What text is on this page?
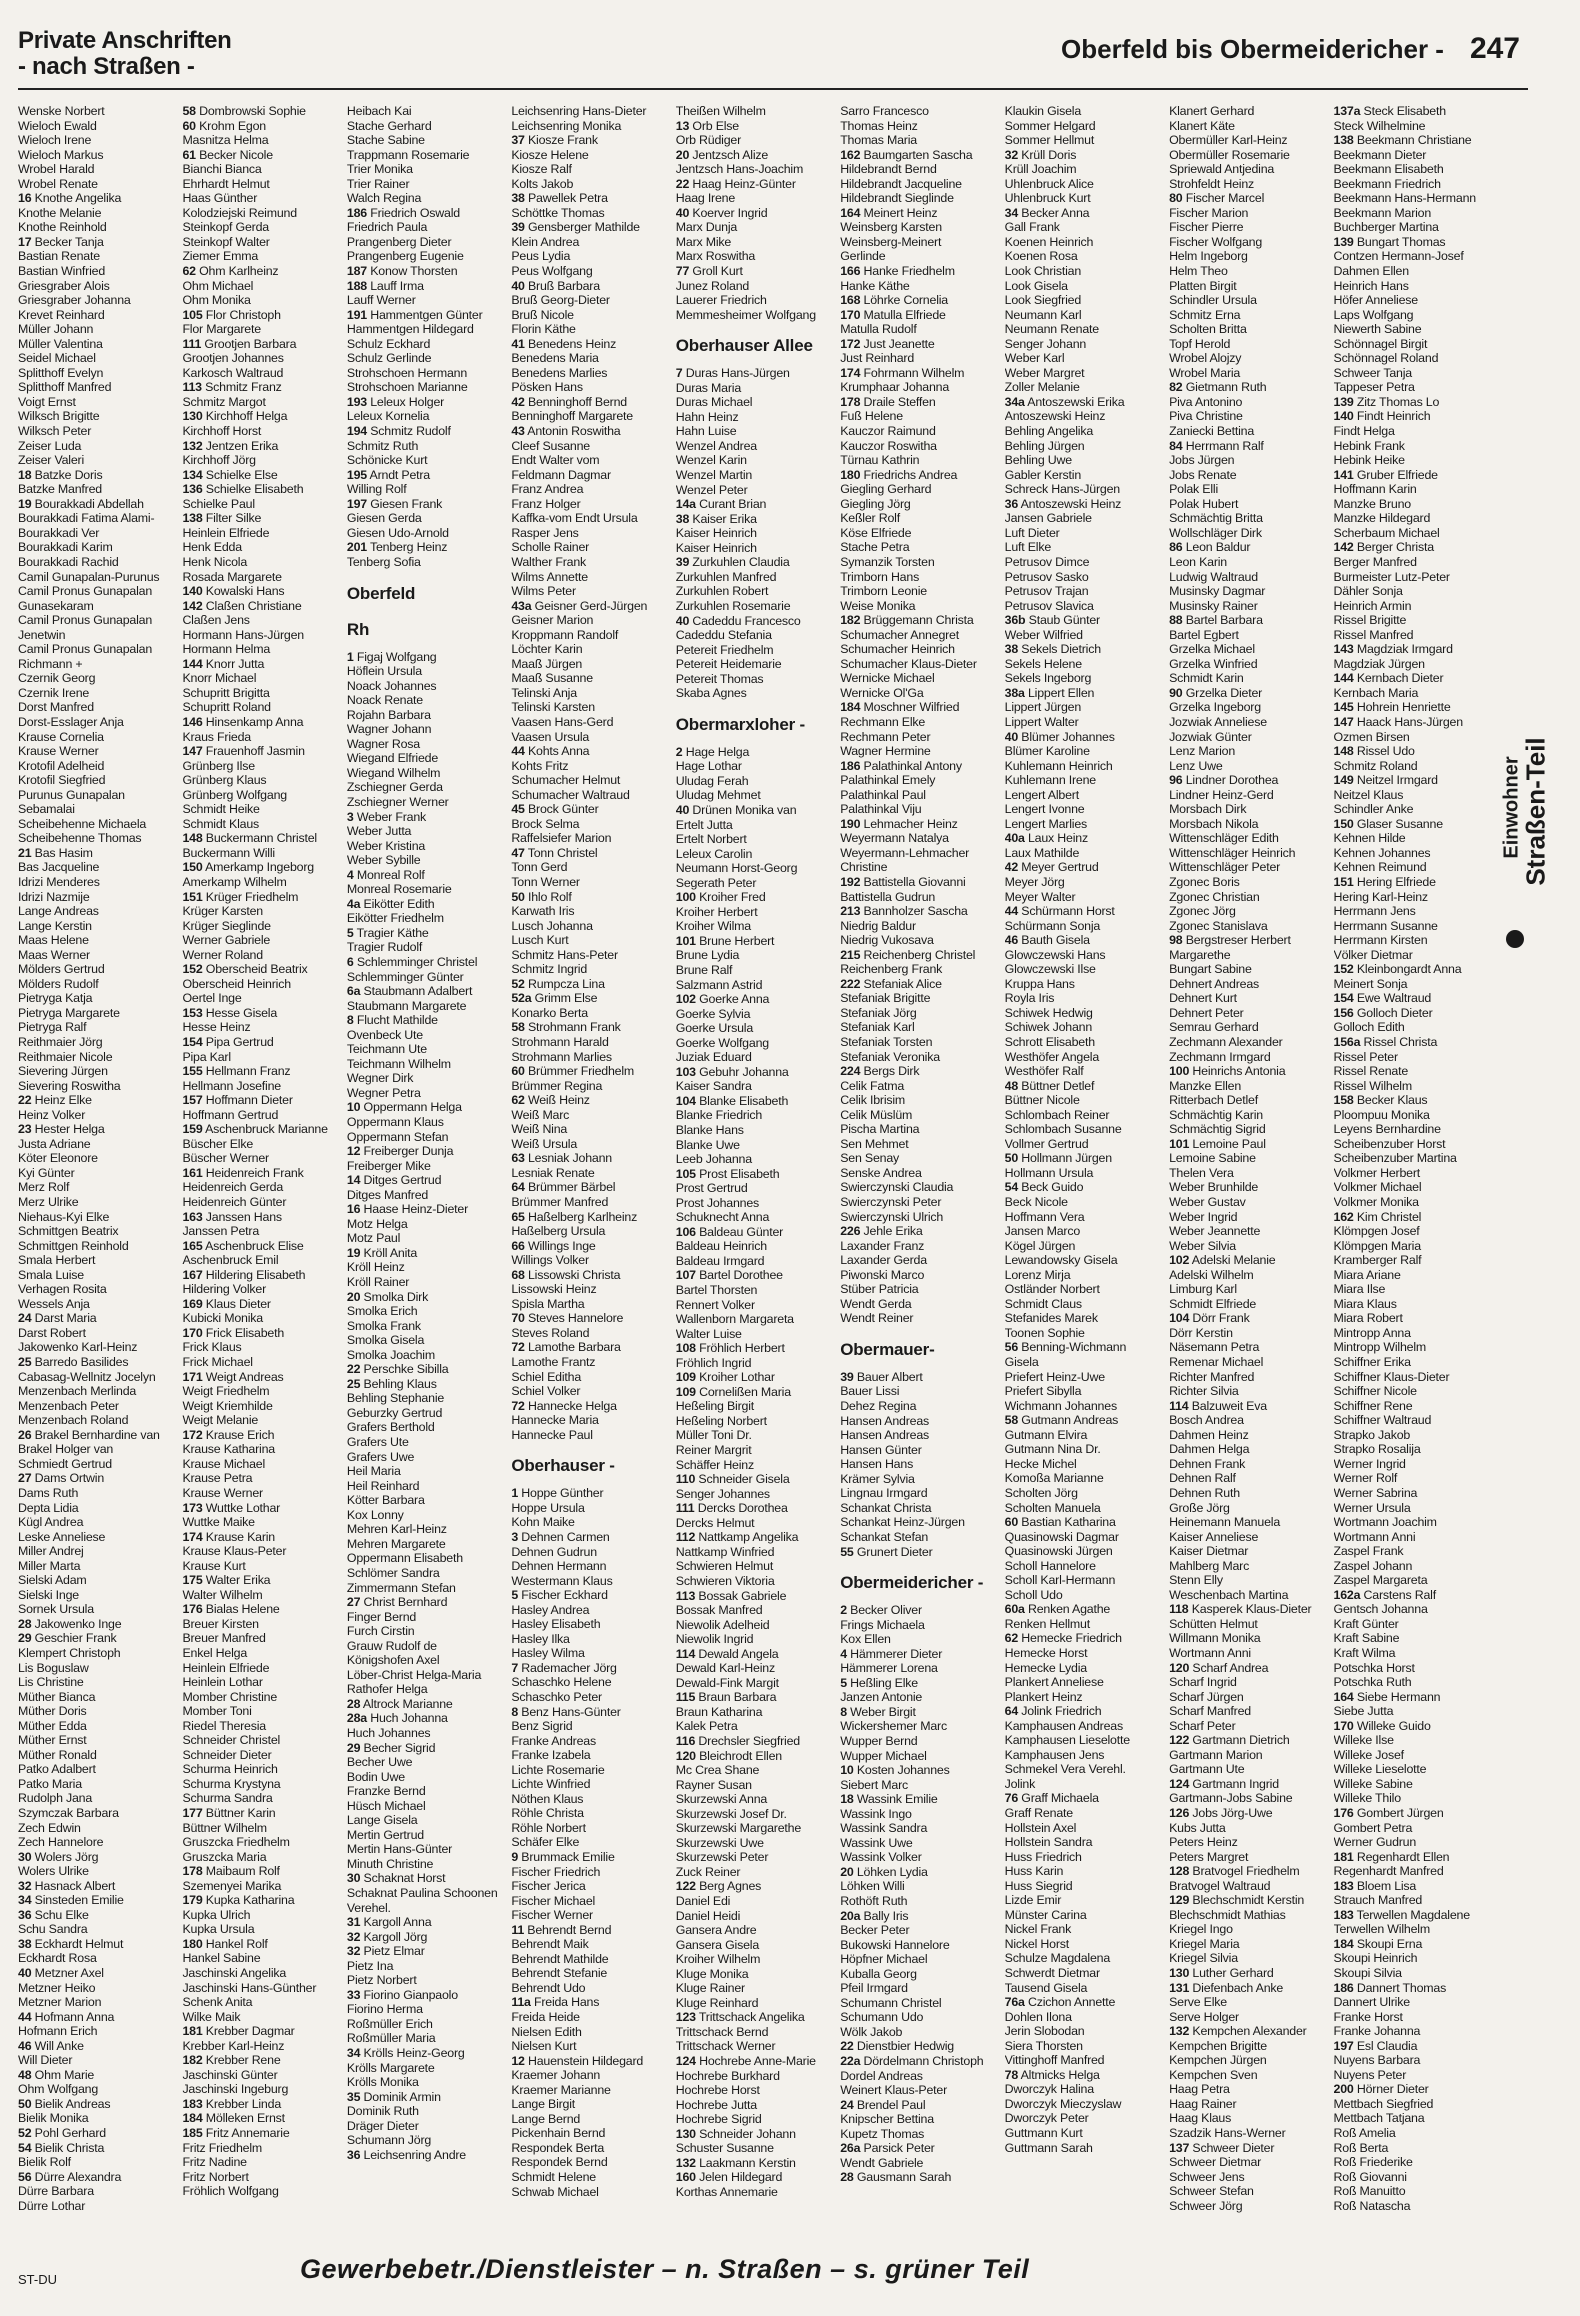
Private Anschriften
- nach Straßen -
Oberfeld bis Obermeidericher - 247
Wenske Norbert
Wieloch Ewald
Wieloch Irene
Wieloch Markus
Wrobel Harald
Wrobel Renate
16 Knothe Angelika
Knothe Melanie
Knothe Reinhold
17 Becker Tanja
Bastian Renate
Bastian Winfried
Griesgraber Alois
Griesgraber Johanna
Krevet Reinhard
Müller Johann
Müller Valentina
Seidel Michael
Splitthoff Evelyn
Splitthoff Manfred
Voigt Ernst
Wilksch Brigitte
Wilksch Peter
Zeiser Luda
Zeiser Valeri
18 Batzke Doris
Batzke Manfred
19 Bourakkadi Abdellah
Bourakkadi Fatima Alami-
Bourakkadi Ver
Bourakkadi Karim
Bourakkadi Rachid
Camil Gunapalan-Purunus
Camil Pronus Gunapalan
Gunasekaram
Camil Pronus Gunapalan
Jenetwin
Camil Pronus Gunapalan
Richmann +
Czernik Georg
Czernik Irene
Dorst Manfred
Dorst-Esslager Anja
Krause Cornelia
Krause Werner
Krotofil Adelheid
Krotofil Siegfried
Purunus Gunapalan
Sebamalai
Scheibehenne Michaela
Scheibehenne Thomas
21 Bas Hasim
Bas Jacqueline
Idrizi Menderes
Idrizi Nazmije
Lange Andreas
Lange Kerstin
Maas Helene
Maas Werner
Mölders Gertrud
Mölders Rudolf
Pietryga Katja
Pietryga Margarete
Pietryga Ralf
Reithmaier Jörg
Reithmaier Nicole
Sievering Jürgen
Sievering Roswitha
22 Heinz Elke
Heinz Volker
23 Hester Helga
Justa Adriane
Köter Eleonore
Kyi Günter
Merz Rolf
Merz Ulrike
Niehaus-Kyi Elke
Schmittgen Beatrix
Schmittgen Reinhold
Smala Herbert
Smala Luise
Verhagen Rosita
Wessels Anja
24 Darst Maria
Darst Robert
Jakowenko Karl-Heinz
25 Barredo Basilides
Cabasag-Wellnitz Jocelyn
Menzenbach Merlinda
Menzenbach Peter
Menzenbach Roland
26 Brakel Bernhardine van
Brakel Holger van
Schmiedt Gertrud
27 Dams Ortwin
Dams Ruth
Depta Lidia
Kügl Andrea
Leske Anneliese
Miller Andrej
Miller Marta
Sielski Adam
Sielski Inge
Sornek Ursula
28 Jakowenko Inge
29 Geschier Frank
Klempert Christoph
Lis Boguslaw
Lis Christine
Müther Bianca
Müther Doris
Müther Edda
Müther Ernst
Müther Ronald
Patko Adalbert
Patko Maria
Rudolph Jana
Szymczak Barbara
Zech Edwin
Zech Hannelore
30 Wolers Jörg
Wolers Ulrike
32 Hasnack Albert
34 Sinsteden Emilie
36 Schu Elke
Schu Sandra
38 Eckhardt Helmut
Eckhardt Rosa
40 Metzner Axel
Metzner Heiko
Metzner Marion
44 Hofmann Anna
Hofmann Erich
46 Will Anke
Will Dieter
48 Ohm Marie
Ohm Wolfgang
50 Bielik Andreas
Bielik Monika
52 Pohl Gerhard
54 Bielik Christa
Bielik Rolf
56 Dürre Alexandra
Dürre Barbara
Dürre Lothar
58 Dombrowski Sophie
60 Krohm Egon
Masnitza Helma
61 Becker Nicole
Bianchi Bianca
Ehrhardt Helmut
Haas Günther
Kolodziejski Reimund
Steinkopf Gerda
Steinkopf Walter
Ziemer Emma
62 Ohm Karlheinz
Ohm Michael
Ohm Monika
105 Flor Christoph
Flor Margarete
111 Grootjen Barbara
Grootjen Johannes
Karkosch Waltraud
113 Schmitz Franz
Schmitz Margot
130 Kirchhoff Helga
Kirchhoff Horst
132 Jentzen Erika
Kirchhoff Jörg
134 Schielke Else
136 Schielke Elisabeth
Schielke Paul
138 Filter Silke
Heinlein Elfriede
Henk Edda
Henk Nicola
Rosada Margarete
140 Kowalski Hans
142 Claßen Christiane
Claßen Jens
Hormann Hans-Jürgen
Hormann Helma
144 Knorr Jutta
Knorr Michael
Schupritt Brigitta
Schupritt Roland
146 Hinsenkamp Anna
Kraus Frieda
147 Frauenhoff Jasmin
Grünberg Ilse
Grünberg Klaus
Grünberg Wolfgang
Schmidt Heike
Schmidt Klaus
148 Buckermann Christel
Buckermann Willi
150 Amerkamp Ingeborg
Amerkamp Wilhelm
151 Krüger Friedhelm
Krüger Karsten
Krüger Sieglinde
Werner Gabriele
Werner Roland
152 Oberscheid Beatrix
Oberscheid Heinrich
Oertel Inge
153 Hesse Gisela
Hesse Heinz
154 Pipa Gertrud
Pipa Karl
155 Hellmann Franz
Hellmann Josefine
157 Hoffmann Dieter
Hoffmann Gertrud
159 Aschenbruck Marianne
Büscher Elke
Büscher Werner
161 Heidenreich Frank
Heidenreich Gerda
Heidenreich Günter
163 Janssen Hans
Janssen Petra
165 Aschenbruck Elise
Aschenbruck Emil
167 Hildering Elisabeth
Hildering Volker
169 Klaus Dieter
Kubicki Monika
170 Frick Elisabeth
Frick Klaus
Frick Michael
171 Weigt Andreas
Weigt Friedhelm
Weigt Kriemhilde
Weigt Melanie
172 Krause Erich
Krause Katharina
Krause Michael
Krause Petra
Krause Werner
173 Wuttke Lothar
Wuttke Maike
174 Krause Karin
Krause Klaus-Peter
Krause Kurt
175 Walter Erika
Walter Wilhelm
176 Bialas Helene
Breuer Kirsten
Breuer Manfred
Enkel Helga
Heinlein Elfriede
Heinlein Lothar
Momber Christine
Momber Toni
Riedel Theresia
Schneider Christel
Schneider Dieter
Schurma Heinrich
Schurma Krystyna
Schurma Sandra
177 Büttner Karin
Büttner Wilhelm
Gruszcka Friedhelm
Gruszcka Maria
178 Maibaum Rolf
Szemenyei Marika
179 Kupka Katharina
Kupka Ulrich
Kupka Ursula
180 Hankel Rolf
Hankel Sabine
Jaschinski Angelika
Jaschinski Hans-Günther
Schenk Anita
Wilke Maik
181 Krebber Dagmar
Krebber Karl-Heinz
182 Krebber Rene
Jaschinski Günter
Jaschinski Ingeburg
183 Krebber Linda
184 Mölleken Ernst
185 Fritz Annemarie
Fritz Friedhelm
Fritz Nadine
Fritz Norbert
Fröhlich Wolfgang
Heibach Kai
Stache Gerhard
Stache Sabine
Trappmann Rosemarie
Trier Monika
Trier Rainer
Walch Regina
186 Friedrich Oswald
Friedrich Paula
Prangenberg Dieter
Prangenberg Eugenie
187 Konow Thorsten
188 Lauff Irma
Lauff Werner
191 Hammentgen Günter
Hammentgen Hildegard
Schulz Eckhard
Schulz Gerlinde
Strohschoen Hermann
Strohschoen Marianne
193 Leleux Holger
Leleux Kornelia
194 Schmitz Rudolf
Schmitz Ruth
Schönicke Kurt
195 Arndt Petra
Willing Rolf
197 Giesen Frank
Giesen Gerda
Giesen Udo-Arnold
201 Tenberg Heinz
Tenberg Sofia
Oberfeld
Rh
1 Figaj Wolfgang
Höflein Ursula
Noack Johannes
Noack Renate
Rojahn Barbara
Wagner Johann
Wagner Rosa
Wiegand Elfriede
Wiegand Wilhelm
Zschiegner Gerda
Zschiegner Werner
3 Weber Frank
Weber Jutta
Weber Kristina
Weber Sybille
4 Monreal Rolf
Monreal Rosemarie
4a Eikötter Edith
Eikötter Friedhelm
5 Tragier Käthe
Tragier Rudolf
6 Schlemminger Christel
Schlemminger Günter
6a Staubmann Adalbert
Staubmann Margarete
8 Flucht Mathilde
Ovenbeck Ute
Teichmann Ute
Teichmann Wilhelm
Wegner Dirk
Wegner Petra
10 Oppermann Helga
Oppermann Klaus
Oppermann Stefan
12 Freiberger Dunja
Freiberger Mike
14 Ditges Gertrud
Ditges Manfred
16 Haase Heinz-Dieter
Motz Helga
Motz Paul
19 Kröll Anita
Kröll Heinz
Kröll Rainer
20 Smolka Dirk
Smolka Erich
Smolka Frank
Smolka Gisela
Smolka Joachim
22 Perschke Sibilla
25 Behling Klaus
Behling Stephanie
Geburzky Gertrud
Grafers Berthold
Grafers Ute
Grafers Uwe
Heil Maria
Heil Reinhard
Kötter Barbara
Kox Lonny
Mehren Karl-Heinz
Mehren Margarete
Oppermann Elisabeth
Schlömer Sandra
Zimmermann Stefan
27 Christ Bernhard
Finger Bernd
Furch Cirstin
Grauw Rudolf de
Königshofen Axel
Löber-Christ Helga-Maria
Rathofer Helga
28 Altrock Marianne
28a Huch Johanna
Huch Johannes
29 Becher Sigrid
Becher Uwe
Bodin Uwe
Franzke Bernd
Hüsch Michael
Lange Gisela
Mertin Gertrud
Mertin Hans-Günter
Minuth Christine
30 Schaknat Horst
Schaknat Paulina Schoonen
Verehel.
31 Kargoll Anna
32 Kargoll Jörg
32 Pietz Elmar
Pietz Ina
Pietz Norbert
33 Fiorino Gianpaolo
Fiorino Herma
Roßmüller Erich
Roßmüller Maria
34 Krölls Heinz-Georg
Krölls Margarete
Krölls Monika
35 Dominik Armin
Dominik Ruth
Dräger Dieter
Schumann Jörg
36 Leichsenring Andre
Leichsenring Hans-Dieter
Leichsenring Monika
37 Kiosze Frank
Kiosze Helene
Kiosze Ralf
Kolts Jakob
38 Pawellek Petra
Schöttke Thomas
39 Gensberger Mathilde
Klein Andrea
Peus Lydia
Peus Wolfgang
40 Bruß Barbara
Bruß Georg-Dieter
Bruß Nicole
Florin Käthe
41 Benedens Heinz
Benedens Maria
Benedens Marlies
Pösken Hans
42 Benninghoff Bernd
Benninghoff Margarete
43 Antonin Roswitha
Cleef Susanne
Endt Walter vom
Feldmann Dagmar
Franz Andrea
Franz Holger
Kaffka-vom Endt Ursula
Rasper Jens
Scholle Rainer
Walther Frank
Wilms Annette
Wilms Peter
43a Geisner Gerd-Jürgen
Geisner Marion
Kroppmann Randolf
Löchter Karin
Maaß Jürgen
Maaß Susanne
Telinski Anja
Telinski Karsten
Vaasen Hans-Gerd
Vaasen Ursula
44 Kohts Anna
Kohts Fritz
Schumacher Helmut
Schumacher Waltraud
45 Brock Günter
Brock Selma
Raffelsiefer Marion
47 Tonn Christel
Tonn Gerd
Tonn Werner
50 Ihlo Rolf
Karwath Iris
Lusch Johanna
Lusch Kurt
Schmitz Hans-Peter
Schmitz Ingrid
52 Rumpcza Lina
52a Grimm Else
Konarko Berta
58 Strohmann Frank
Strohmann Harald
Strohmann Marlies
60 Brümmer Friedhelm
Brümmer Regina
62 Weiß Heinz
Weiß Marc
Weiß Nina
Weiß Ursula
63 Lesniak Johann
Lesniak Renate
64 Brümmer Bärbel
Brümmer Manfred
65 Haßelberg Karlheinz
Haßelberg Ursula
66 Willings Inge
Willings Volker
68 Lissowski Christa
Lissowski Heinz
Spisla Martha
70 Steves Hannelore
Steves Roland
72 Lamothe Barbara
Lamothe Frantz
Schiel Editha
Schiel Volker
72 Hannecke Helga
Hannecke Maria
Hannecke Paul
Oberhauser -
1 Hoppe Günther
Hoppe Ursula
Kohn Maike
3 Dehnen Carmen
Dehnen Gudrun
Dehnen Hermann
Westermann Klaus
5 Fischer Eckhard
Hasley Andrea
Hasley Elisabeth
Hasley Ilka
Hasley Wilma
7 Rademacher Jörg
Schaschko Helene
Schaschko Peter
8 Benz Hans-Günter
Benz Sigrid
Franke Andreas
Franke Izabela
Lichte Rosemarie
Lichte Winfried
Nöthen Klaus
Röhle Christa
Röhle Norbert
Schäfer Elke
9 Brummack Emilie
Fischer Friedrich
Fischer Jerica
Fischer Michael
Fischer Werner
11 Behrendt Bernd
Behrendt Maik
Behrendt Mathilde
Behrendt Stefanie
Behrendt Udo
11a Freida Hans
Freida Heide
Nielsen Edith
Nielsen Kurt
12 Hauenstein Hildegard
Kraemer Johann
Kraemer Marianne
Lange Birgit
Lange Bernd
Pickenhain Bernd
Respondek Berta
Respondek Bernd
Schmidt Helene
Schwab Michael
Theißen Wilhelm
13 Orb Else
Orb Rüdiger
20 Jentzsch Alize
Jentzsch Hans-Joachim
22 Haag Heinz-Günter
Haag Irene
40 Koerver Ingrid
Marx Dunja
Marx Mike
Marx Roswitha
77 Groll Kurt
Junez Roland
Lauerer Friedrich
Memmesheimer Wolfgang
Oberhauser Allee
7 Duras Hans-Jürgen
Duras Maria
Duras Michael
Hahn Heinz
Hahn Luise
Wenzel Andrea
Wenzel Karin
Wenzel Martin
Wenzel Peter
14a Curant Brian
38 Kaiser Erika
Kaiser Heinrich
Kaiser Heinrich
39 Zurkuhlen Claudia
Zurkuhlen Manfred
Zurkuhlen Robert
Zurkuhlen Rosemarie
40 Cadeddu Francesco
Cadeddu Stefania
Petereit Friedhelm
Petereit Heidemarie
Petereit Thomas
Skaba Agnes
Obermarxloher -
2 Hage Helga
Hage Lothar
Uludag Ferah
Uludag Mehmet
40 Drünen Monika van
Ertelt Jutta
Ertelt Norbert
Leleux Carolin
Neumann Horst-Georg
Segerath Peter
100 Kroiher Fred
Kroiher Herbert
Kroiher Wilma
101 Brune Herbert
Brune Lydia
Brune Ralf
Salzmann Astrid
102 Goerke Anna
Goerke Sylvia
Goerke Ursula
Goerke Wolfgang
Juziak Eduard
103 Gebuhr Johanna
Kaiser Sandra
104 Blanke Elisabeth
Blanke Friedrich
Blanke Hans
Blanke Uwe
Leeb Johanna
105 Prost Elisabeth
Prost Gertrud
Prost Johannes
Schuknecht Anna
106 Baldeau Günter
Baldeau Heinrich
Baldeau Irmgard
107 Bartel Dorothee
Bartel Thorsten
Rennert Volker
Wallenborn Margareta
Walter Luise
108 Fröhlich Herbert
Fröhlich Ingrid
109 Kroiher Lothar
109 Cornelißen Maria
Heßeling Birgit
Heßeling Norbert
Müller Toni Dr.
Reiner Margrit
Schäffer Heinz
110 Schneider Gisela
Senger Johannes
111 Dercks Dorothea
Dercks Helmut
112 Nattkamp Angelika
Nattkamp Winfried
Schwieren Helmut
Schwieren Viktoria
113 Bossak Gabriele
Bossak Manfred
Niewolik Adelheid
Niewolik Ingrid
114 Dewald Angela
Dewald Karl-Heinz
Dewald-Fink Margit
115 Braun Barbara
Braun Katharina
Kalek Petra
116 Drechsler Siegfried
120 Bleichrodt Ellen
Mc Crea Shane
Rayner Susan
Skurzewski Anna
Skurzewski Josef Dr.
Skurzewski Margarethe
Skurzewski Uwe
Skurzewski Peter
Zuck Reiner
122 Berg Agnes
Daniel Edi
Daniel Heidi
Gansera Andre
Gansera Gisela
Kroiher Wilhelm
Kluge Monika
Kluge Rainer
Kluge Reinhard
123 Trittschack Angelika
Trittschack Bernd
Trittschack Werner
124 Hochrebe Anne-Marie
Hochrebe Burkhard
Hochrebe Horst
Hochrebe Jutta
Hochrebe Sigrid
130 Schneider Johann
Schuster Susanne
132 Laakmann Kerstin
160 Jelen Hildegard
Korthas Annemarie
Sarro Francesco
Thomas Heinz
Thomas Maria
162 Baumgarten Sascha
Hildebrandt Bernd
Hildebrandt Jacqueline
Hildebrandt Sieglinde
164 Meinert Heinz
Weinsberg Karsten
Weinsberg-Meinert
Gerlinde
166 Hanke Friedhelm
Hanke Käthe
168 Löhrke Cornelia
170 Matulla Elfriede
Matulla Rudolf
172 Just Jeanette
Just Reinhard
174 Fohrmann Wilhelm
Krumphaar Johanna
178 Draile Steffen
Fuß Helene
Kauczor Raimund
Kauczor Roswitha
Türnau Kathrin
180 Friedrichs Andrea
Giegling Gerhard
Giegling Jörg
Keßler Rolf
Köse Elfriede
Stache Petra
Symanzik Torsten
Trimborn Hans
Trimborn Leonie
Weise Monika
182 Brüggemann Christa
Schumacher Annegret
Schumacher Heinrich
Schumacher Klaus-Dieter
Wernicke Michael
Wernicke Ol'Ga
184 Moschner Wilfried
Rechmann Elke
Rechmann Peter
Wagner Hermine
186 Palathinkal Antony
Palathinkal Emely
Palathinkal Paul
Palathinkal Viju
190 Lehmacher Heinz
Weyermann Natalya
Weyermann-Lehmacher
Christine
192 Battistella Giovanni
Battistella Gudrun
213 Bannholzer Sascha
Niedrig Baldur
Niedrig Vukosava
215 Reichenberg Christel
Reichenberg Frank
222 Stefaniak Alice
Stefaniak Brigitte
Stefaniak Jörg
Stefaniak Karl
Stefaniak Torsten
Stefaniak Veronika
224 Bergs Dirk
Celik Fatma
Celik Ibrisim
Celik Müslüm
Pischa Martina
Sen Mehmet
Sen Senay
Senske Andrea
Swierczynski Claudia
Swierczynski Peter
Swierczynski Ulrich
226 Jehle Erika
Laxander Franz
Laxander Gerda
Piwonski Marco
Stüber Patricia
Wendt Gerda
Wendt Reiner
Obermauer-
39 Bauer Albert
Bauer Lissi
Dehez Regina
Hansen Andreas
Hansen Andreas
Hansen Günter
Hansen Hans
Krämer Sylvia
Lingnau Irmgard
Schankat Christa
Schankat Heinz-Jürgen
Schankat Stefan
55 Grunert Dieter
Obermeidericher -
2 Becker Oliver
Frings Michaela
Kox Ellen
4 Hämmerer Dieter
Hämmerer Lorena
5 Heßling Elke
Janzen Antonie
8 Weber Birgit
Wickershemer Marc
Wupper Bernd
Wupper Michael
10 Kosten Johannes
Siebert Marc
18 Wassink Emilie
Wassink Ingo
Wassink Sandra
Wassink Uwe
Wassink Volker
20 Löhken Lydia
Löhken Willi
Rothöft Ruth
20a Bally Iris
Becker Peter
Bukowski Hannelore
Höpfner Michael
Kuballa Georg
Pfeil Irmgard
Schumann Christel
Schumann Udo
Wölk Jakob
22 Dienstbier Hedwig
22a Dördelmann Christoph
Dordel Andreas
Weinert Klaus-Peter
24 Brendel Paul
Knipscher Bettina
Kupetz Thomas
26a Parsick Peter
Wendt Gabriele
28 Gausmann Sarah
Klaukin Gisela
Sommer Helgard
Sommer Hellmut
32 Krüll Doris
Krüll Joachim
Uhlenbruck Alice
Uhlenbruck Kurt
34 Becker Anna
Gall Frank
Koenen Heinrich
Koenen Rosa
Look Christian
Look Gisela
Look Siegfried
Neumann Karl
Neumann Renate
Senger Johann
Weber Karl
Weber Margret
Zoller Melanie
34a Antoszewski Erika
Antoszewski Heinz
Behling Angelika
Behling Jürgen
Behling Uwe
Gabler Kerstin
Schreck Hans-Jürgen
36 Antoszewski Heinz
Jansen Gabriele
Luft Dieter
Luft Elke
Petrusov Dimce
Petrusov Sasko
Petrusov Trajan
Petrusov Slavica
36b Staub Günter
Weber Wilfried
38 Sekels Dietrich
Sekels Helene
Sekels Ingeborg
38a Lippert Ellen
Lippert Jürgen
Lippert Walter
40 Blümer Johannes
Blümer Karoline
Kuhlemann Heinrich
Kuhlemann Irene
Lengert Albert
Lengert Ivonne
Lengert Marlies
40a Laux Heinz
Laux Mathilde
42 Meyer Gertrud
Meyer Jörg
Meyer Walter
44 Schürmann Horst
Schürmann Sonja
46 Bauth Gisela
Glowczewski Hans
Glowczewski Ilse
Kruppa Hans
Royla Iris
Schiwek Hedwig
Schiwek Johann
Schrott Elisabeth
Westhöfer Angela
Westhöfer Ralf
48 Büttner Detlef
Büttner Nicole
Schlombach Reiner
Schlombach Susanne
Vollmer Gertrud
50 Hollmann Jürgen
Hollmann Ursula
54 Beck Guido
Beck Nicole
Hoffmann Vera
Jansen Marco
Kögel Jürgen
Lewandowsky Gisela
Lorenz Mirja
Ostländer Norbert
Schmidt Claus
Stefanides Marek
Toonen Sophie
56 Benning-Wichmann
Gisela
Priefert Heinz-Uwe
Priefert Sibylla
Wichmann Johannes
58 Gutmann Andreas
Gutmann Elvira
Gutmann Nina Dr.
Hecke Michel
Komoßa Marianne
Scholten Jörg
Scholten Manuela
60 Bastian Katharina
Quasinowski Dagmar
Quasinowski Jürgen
Scholl Hannelore
Scholl Karl-Hermann
Scholl Udo
60a Renken Agathe
Renken Hellmut
62 Hemecke Friedrich
Hemecke Horst
Hemecke Lydia
Plankert Anneliese
Plankert Heinz
64 Jolink Friedrich
Kamphausen Andreas
Kamphausen Lieselotte
Kamphausen Jens
Schmekel Vera Verehl.
Jolink
76 Graff Michaela
Graff Renate
Hollstein Axel
Hollstein Sandra
Huss Friedrich
Huss Karin
Huss Siegrid
Lizde Emir
Münster Carina
Nickel Frank
Nickel Horst
Schulze Magdalena
Schwerdt Dietmar
Tausend Gisela
76a Czichon Annette
Dohlen Ilona
Jerin Slobodan
Siera Thorsten
Vittinghoff Manfred
78 Altmicks Helga
Dworczyk Halina
Dworczyk Mieczyslaw
Dworczyk Peter
Guttmann Kurt
Guttmann Sarah
Klanert Gerhard
Klanert Käte
Obermüller Karl-Heinz
Obermüller Rosemarie
Spriewald Antjedina
Strohfeldt Heinz
80 Fischer Marcel
Fischer Marion
Fischer Pierre
Fischer Wolfgang
Helm Ingeborg
Helm Theo
Platten Birgit
Schindler Ursula
Schmitz Erna
Scholten Britta
Topf Herold
Wrobel Alojzy
Wrobel Maria
82 Gietmann Ruth
Piva Antonino
Piva Christine
Zaniecki Bettina
84 Herrmann Ralf
Jobs Jürgen
Jobs Renate
Polak Elli
Polak Hubert
Schmächtig Britta
Wollschläger Dirk
86 Leon Baldur
Leon Karin
Ludwig Waltraud
Musinsky Dagmar
Musinsky Rainer
88 Bartel Barbara
Bartel Egbert
Grzelka Michael
Grzelka Winfried
Schmidt Karin
90 Grzelka Dieter
Grzelka Ingeborg
Jozwiak Anneliese
Jozwiak Günter
Lenz Marion
Lenz Uwe
96 Lindner Dorothea
Lindner Heinz-Gerd
Morsbach Dirk
Morsbach Nikola
Wittenschläger Edith
Wittenschläger Heinrich
Wittenschläger Peter
Zgonec Boris
Zgonec Christian
Zgonec Jörg
Zgonec Stanislava
98 Bergstreser Herbert
Margarethe
Bungart Sabine
Dehnert Andreas
Dehnert Kurt
Dehnert Peter
Semrau Gerhard
Zechmann Alexander
Zechmann Irmgard
100 Heinrichs Antonia
Manzke Ellen
Ritterbach Detlef
Schmächtig Karin
Schmächtig Sigrid
101 Lemoine Paul
Lemoine Sabine
Thelen Vera
Weber Brunhilde
Weber Gustav
Weber Ingrid
Weber Jeannette
Weber Silvia
102 Adelski Melanie
Adelski Wilhelm
Limburg Karl
Schmidt Elfriede
104 Dörr Frank
Dörr Kerstin
Näsemann Petra
Remenar Michael
Richter Manfred
Richter Silvia
114 Balzuweit Eva
Bosch Andrea
Dahmen Heinz
Dahmen Helga
Dehnen Frank
Dehnen Ralf
Dehnen Ruth
Große Jörg
Heinemann Manuela
Kaiser Anneliese
Kaiser Dietmar
Mahlberg Marc
Stenn Elly
Weschenbach Martina
118 Kasperek Klaus-Dieter
Schütten Helmut
Willmann Monika
Wortmann Anni
120 Scharf Andrea
Scharf Ingrid
Scharf Jürgen
Scharf Manfred
Scharf Peter
122 Gartmann Dietrich
Gartmann Marion
Gartmann Ute
124 Gartmann Ingrid
Gartmann-Jobs Sabine
126 Jobs Jörg-Uwe
Kubs Jutta
Peters Heinz
Peters Margret
128 Bratvogel Friedhelm
Bratvogel Waltraud
129 Blechschmidt Kerstin
Blechschmidt Mathias
Kriegel Ingo
Kriegel Maria
Kriegel Silvia
130 Luther Gerhard
131 Diefenbach Anke
Serve Elke
Serve Holger
132 Kempchen Alexander
Kempchen Brigitte
Kempchen Jürgen
Kempchen Sven
Haag Petra
Haag Rainer
Haag Klaus
Szadzik Hans-Werner
137 Schweer Dieter
Schweer Dietmar
Schweer Jens
Schweer Stefan
Schweer Jörg
137a Steck Elisabeth
Steck Wilhelmine
138 Beekmann Christiane
Beekmann Dieter
Beekmann Elisabeth
Beekmann Friedrich
Beekmann Hans-Hermann
Beekmann Marion
Buchberger Martina
139 Bungart Thomas
Contzen Hermann-Josef
Dahmen Ellen
Heinrich Hans
Höfer Anneliese
Laps Wolfgang
Niewerth Sabine
Schönnagel Birgit
Schönnagel Roland
Schweer Tanja
Tappeser Petra
139 Zitz Thomas Lo
140 Findt Heinrich
Findt Helga
Hebink Frank
Hebink Heike
141 Gruber Elfriede
Hoffmann Karin
Manzke Bruno
Manzke Hildegard
Scherbaum Michael
142 Berger Christa
Berger Manfred
Burmeister Lutz-Peter
Dähler Sonja
Heinrich Armin
Rissel Brigitte
Rissel Manfred
143 Magdziak Irmgard
Magdziak Jürgen
144 Kernbach Dieter
Kernbach Maria
145 Hohrein Henriette
147 Haack Hans-Jürgen
Ozmen Birsen
148 Rissel Udo
Schmitz Roland
149 Neitzel Irmgard
Neitzel Klaus
Schindler Anke
150 Glaser Susanne
Kehnen Hilde
Kehnen Johannes
Kehnen Reimund
151 Hering Elfriede
Hering Karl-Heinz
Herrmann Jens
Herrmann Susanne
Herrmann Kirsten
Völker Dietmar
152 Kleinbongardt Anna
Meinert Sonja
154 Ewe Waltraud
156 Golloch Dieter
Golloch Edith
156a Rissel Christa
Rissel Peter
Rissel Renate
Rissel Wilhelm
158 Becker Klaus
Ploompuu Monika
Leyens Bernhardine
Scheibenzuber Horst
Scheibenzuber Martina
Volkmer Herbert
Volkmer Michael
Volkmer Monika
162 Kim Christel
Klömpgen Josef
Klömpgen Maria
Kramberger Ralf
Miara Ariane
Miara Ilse
Miara Klaus
Miara Robert
Mintropp Anna
Mintropp Wilhelm
Schiffner Erika
Schiffner Klaus-Dieter
Schiffner Nicole
Schiffner Rene
Schiffner Waltraud
Strapko Jakob
Strapko Rosalija
Werner Ingrid
Werner Rolf
Werner Sabrina
Werner Ursula
Wortmann Joachim
Wortmann Anni
Zaspel Frank
Zaspel Johann
Zaspel Margareta
162a Carstens Ralf
Gentsch Johanna
Kraft Günter
Kraft Sabine
Kraft Wilma
Potschka Horst
Potschka Ruth
164 Siebe Hermann
Siebe Jutta
170 Willeke Guido
Willeke Ilse
Willeke Josef
Willeke Lieselotte
Willeke Sabine
Willeke Thilo
176 Gombert Jürgen
Gombert Petra
Werner Gudrun
181 Regenhardt Ellen
Regenhardt Manfred
183 Bloem Lisa
Strauch Manfred
183 Terwellen Magdalene
Terwellen Wilhelm
184 Skoupi Erna
Skoupi Heinrich
Skoupi Silvia
186 Dannert Thomas
Dannert Ulrike
Franke Horst
Franke Johanna
197 Esl Claudia
Nuyens Barbara
Nuyens Peter
200 Hörner Dieter
Mettbach Siegfried
Mettbach Tatjana
Roß Amelia
Roß Berta
Roß Friederike
Roß Giovanni
Roß Manuitto
Roß Natascha
Einwohner
Straßen-Teil
ST-DU	Gewerbebetr./Dienstleister – n. Straßen – s. grüner Teil
